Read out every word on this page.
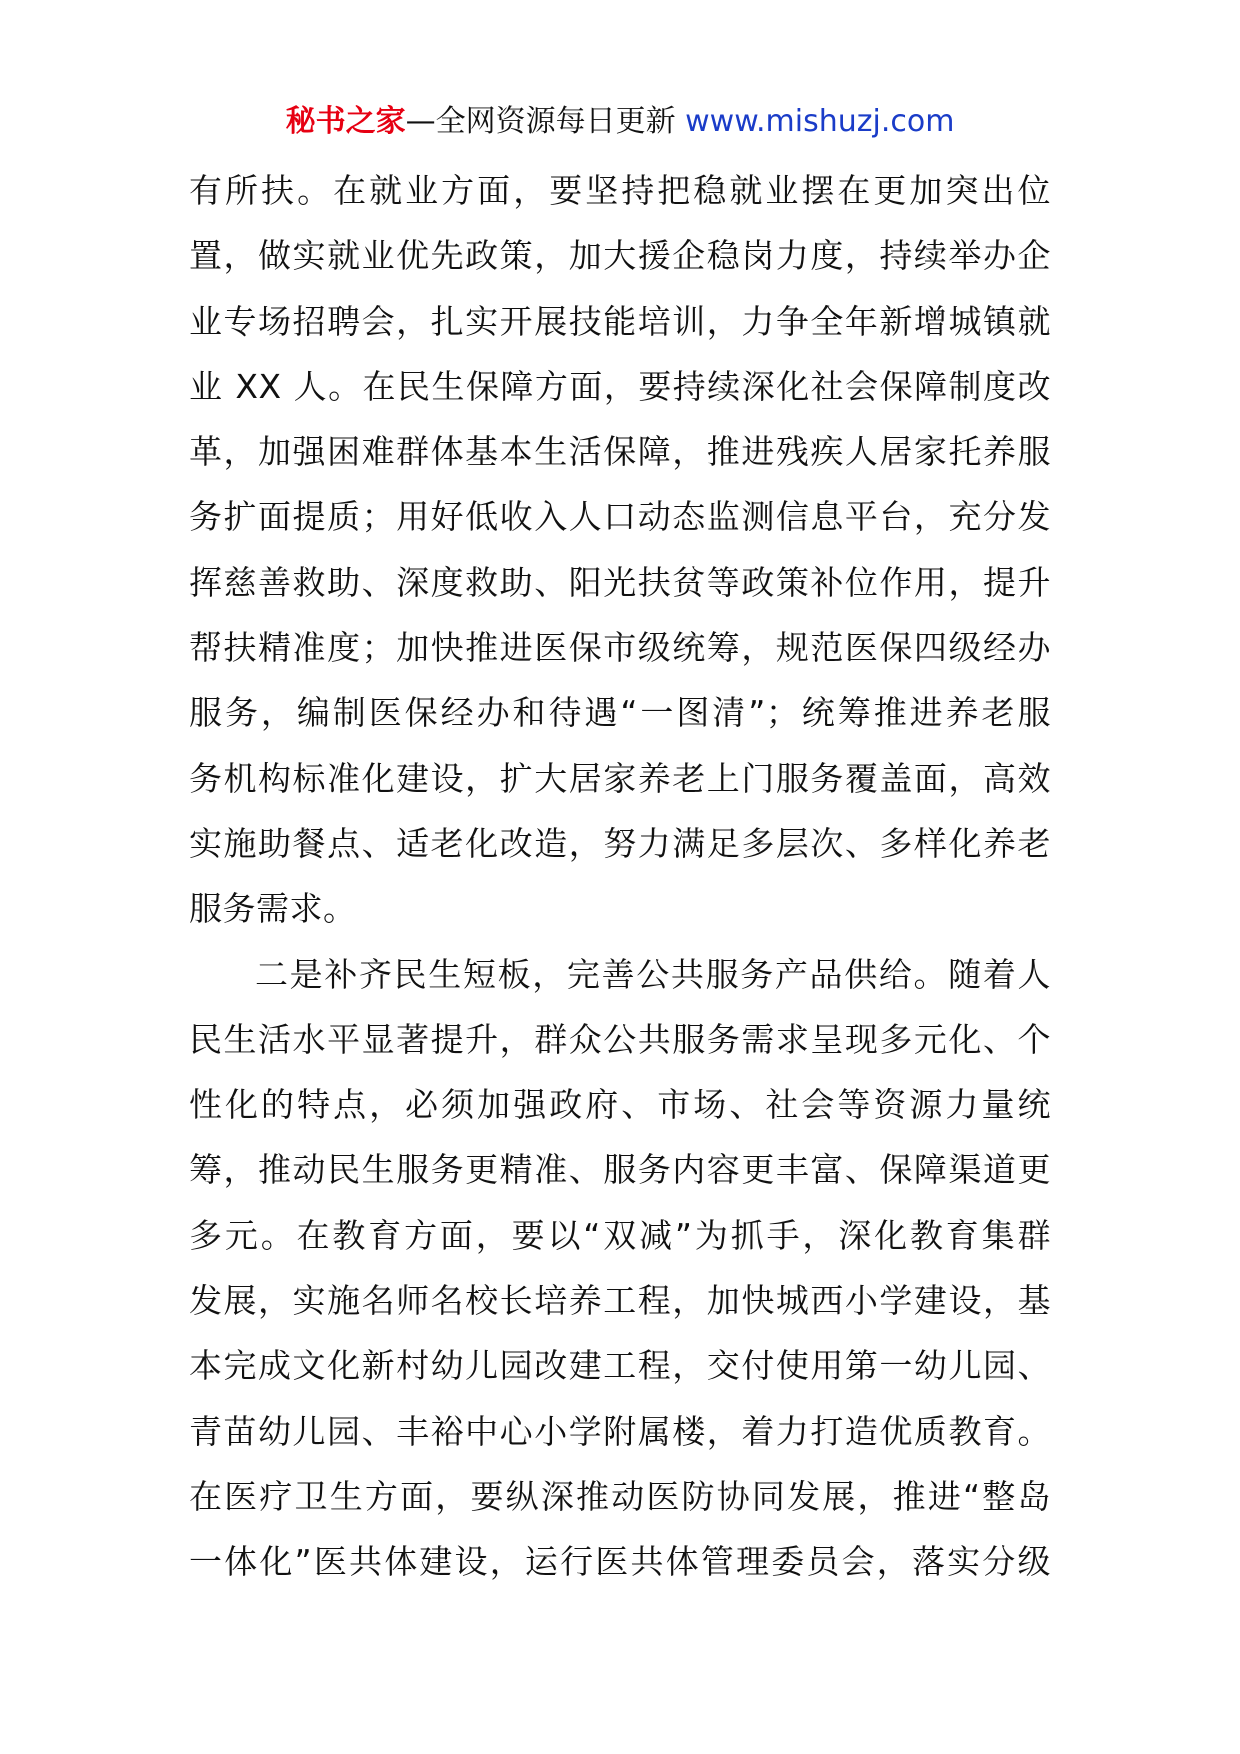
秘书之家—全网资源每日更新 www.mishuzj.com
有所扶。在就业方面，要坚持把稳就业摆在更加突出位
置，做实就业优先政策，加大援企稳岗力度，持续举办企
业专场招聘会，扎实开展技能培训，力争全年新增城镇就
业 XX 人。在民生保障方面，要持续深化社会保障制度改
革，加强困难群体基本生活保障，推进残疾人居家托养服
务扩面提质；用好低收入人口动态监测信息平台，充分发
挥慈善救助、深度救助、阳光扶贫等政策补位作用，提升
帮扶精准度；加快推进医保市级统筹，规范医保四级经办
服务，编制医保经办和待遇“一图清”；统筹推进养老服
务机构标准化建设，扩大居家养老上门服务覆盖面，高效
实施助餐点、适老化改造，努力满足多层次、多样化养老
服务需求。
二是补齐民生短板，完善公共服务产品供给。随着人
民生活水平显著提升，群众公共服务需求呈现多元化、个
性化的特点，必须加强政府、市场、社会等资源力量统
筹，推动民生服务更精准、服务内容更丰富、保障渠道更
多元。在教育方面，要以“双减”为抓手，深化教育集群
发展，实施名师名校长培养工程，加快城西小学建设，基
本完成文化新村幼儿园改建工程，交付使用第一幼儿园、
青苗幼儿园、丰裕中心小学附属楼，着力打造优质教育。
在医疗卫生方面，要纵深推动医防协同发展，推进“整岛
一体化”医共体建设，运行医共体管理委员会，落实分级
